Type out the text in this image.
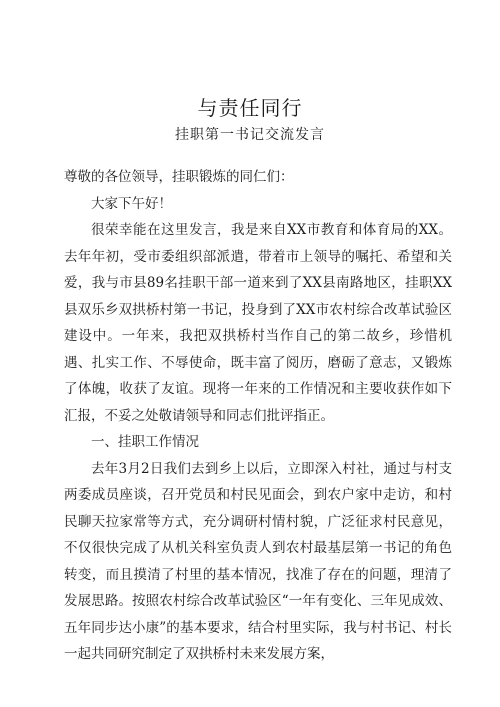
与责任同行
挂职第一书记交流发言

尊敬的各位领导，挂职锻炼的同仁们：

大家下午好！

很荣幸能在这里发言，我是来自XX市教育和体育局的XX。去年年初，受市委组织部派遣，带着市上领导的嘱托、希望和关爱，我与市县89名挂职干部一道来到了XX县南路地区，挂职XX县双乐乡双拱桥村第一书记，投身到了XX市农村综合改革试验区建设中。一年来，我把双拱桥村当作自己的第二故乡，珍惜机遇、扎实工作、不辱使命，既丰富了阅历，磨砺了意志，又锻炼了体魄，收获了友谊。现将一年来的工作情况和主要收获作如下汇报，不妥之处敬请领导和同志们批评指正。

一、挂职工作情况

去年3月2日我们去到乡上以后，立即深入村社，通过与村支两委成员座谈，召开党员和村民见面会，到农户家中走访，和村民聊天拉家常等方式，充分调研村情村貌，广泛征求村民意见，不仅很快完成了从机关科室负责人到农村最基层第一书记的角色转变，而且摸清了村里的基本情况，找准了存在的问题，理清了发展思路。按照农村综合改革试验区“一年有变化、三年见成效、五年同步达小康”的基本要求，结合村里实际，我与村书记、村长一起共同研究制定了双拱桥村未来发展方案，
